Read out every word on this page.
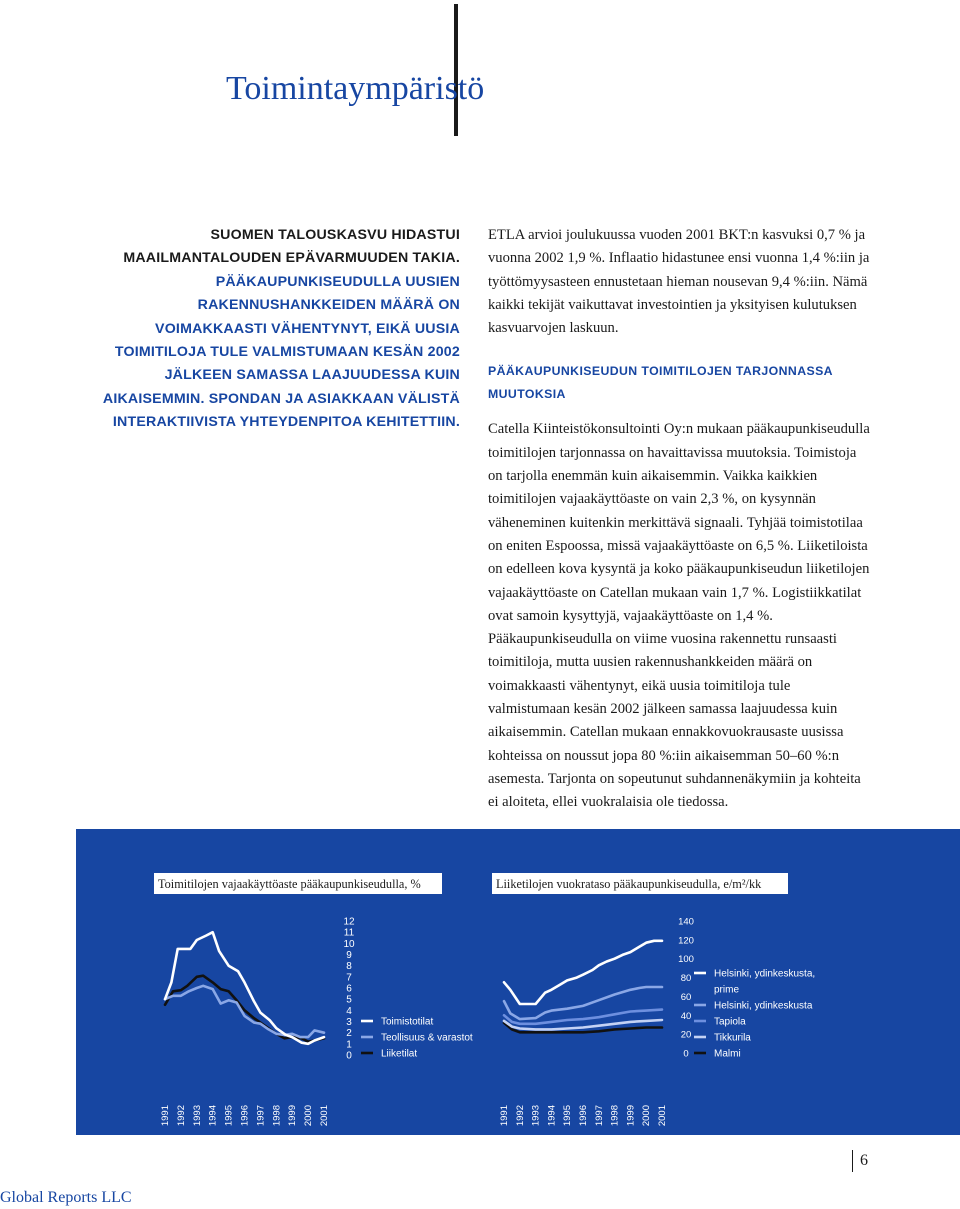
Toimintaympäristö
SUOMEN TALOUSKASVU HIDASTUI
MAAILMANTALOUDEN EPÄVARMUUDEN TAKIA.
PÄÄKAUPUNKISEUDULLA UUSIEN
RAKENNUSHANKKEIDEN MÄÄRÄ ON
VOIMAKKAASTI VÄHENTYNYT, EIKÄ UUSIA
TOIMITILOJA TULE VALMISTUMAAN KESÄN 2002
JÄLKEEN SAMASSA LAAJUUDESSA KUIN
AIKAISEMMIN. SPONDAN JA ASIAKKAAN VÄLISTÄ
INTERAKTIIVISTA YHTEYDENPITOA KEHITETTIIN.

ETLA arvioi joulukuussa vuoden 2001 BKT:n kasvuksi 0,7 % ja vuonna 2002 1,9 %. Inflaatio hidastunee ensi vuonna 1,4 %:iin ja työttömyysasteen ennustetaan hieman nousevan 9,4 %:iin. Nämä kaikki tekijät vaikuttavat investointien ja yksityisen kulutuksen kasvuarvojen laskuun.

PÄÄKAUPUNKISEUDUN TOIMITILOJEN TARJONNASSA MUUTOKSIA

Catella Kiinteistökonsultointi Oy:n mukaan pääkaupunkiseudulla toimitilojen tarjonnassa on havaittavissa muutoksia. Toimistoja on tarjolla enemmän kuin aikaisemmin. Vaikka kaikkien toimitilojen vajaakäyttöaste on vain 2,3 %, on kysynnän väheneminen kuitenkin merkittävä signaali. Tyhjää toimistotilaa on eniten Espoossa, missä vajaakäyttöaste on 6,5 %. Liiketiloista on edelleen kova kysyntä ja koko pääkaupunkiseudun liiketilojen vajaakäyttöaste on Catellan mukaan vain 1,7 %. Logistiikkatilat ovat samoin kysyttyjä, vajaakäyttöaste on 1,4 %. Pääkaupunkiseudulla on viime vuosina rakennettu runsaasti toimitiloja, mutta uusien rakennushankkeiden määrä on voimakkaasti vähentynyt, eikä uusia toimitiloja tule valmistumaan kesän 2002 jälkeen samassa laajuudessa kuin aikaisemmin. Catellan mukaan ennakkovuokrausaste uusissa kohteissa on noussut jopa 80 %:iin aikaisemman 50–60 %:n asemesta. Tarjonta on sopeutunut suhdannenäkymiin ja kohteita ei aloiteta, ellei vuokralaisia ole tiedossa.

Toimitilojen vajaakäyttöaste pääkaupunkiseudulla, %	Liiketilojen vuokrataso pääkaupunkiseudulla, e/m²/kk
12
11
10
9
8
7
6
5
4
3
2
1
0
1991 1992 1993 1994 1995 1996 1997 1998 1999 2000 2001
Toimistotilat
Teollisuus & varastot
Liiketilat
140
120
100
80
60
40
20
0
1991 1992 1993 1994 1995 1996 1997 1998 1999 2000 2001
Helsinki, ydinkeskusta,
prime
Helsinki, ydinkeskusta
Tapiola
Tikkurila
Malmi
6
Global Reports LLC
